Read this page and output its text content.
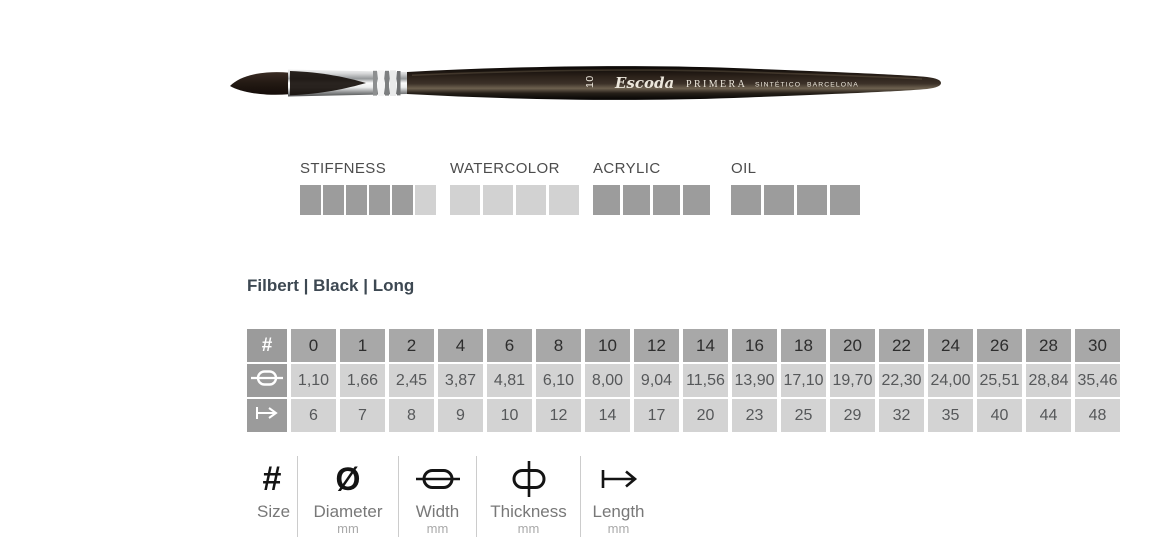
10 Escoda PRIMERA SINTÉTICO BARCELONA
STIFFNESS	WATERCOLOR	ACRYLIC	OIL
Filbert | Black | Long
#	0	1	2	4	6	8	10	12	14	16	18	20	22	24	26	28	30
	1,10	1,66	2,45	3,87	4,81	6,10	8,00	9,04	11,56	13,90	17,10	19,70	22,30	24,00	25,51	28,84	35,46
	6	7	8	9	10	12	14	17	20	23	25	29	32	35	40	44	48
#
Size
Ø
Diameter
mm
Width
mm
Thickness
mm
Length
mm
